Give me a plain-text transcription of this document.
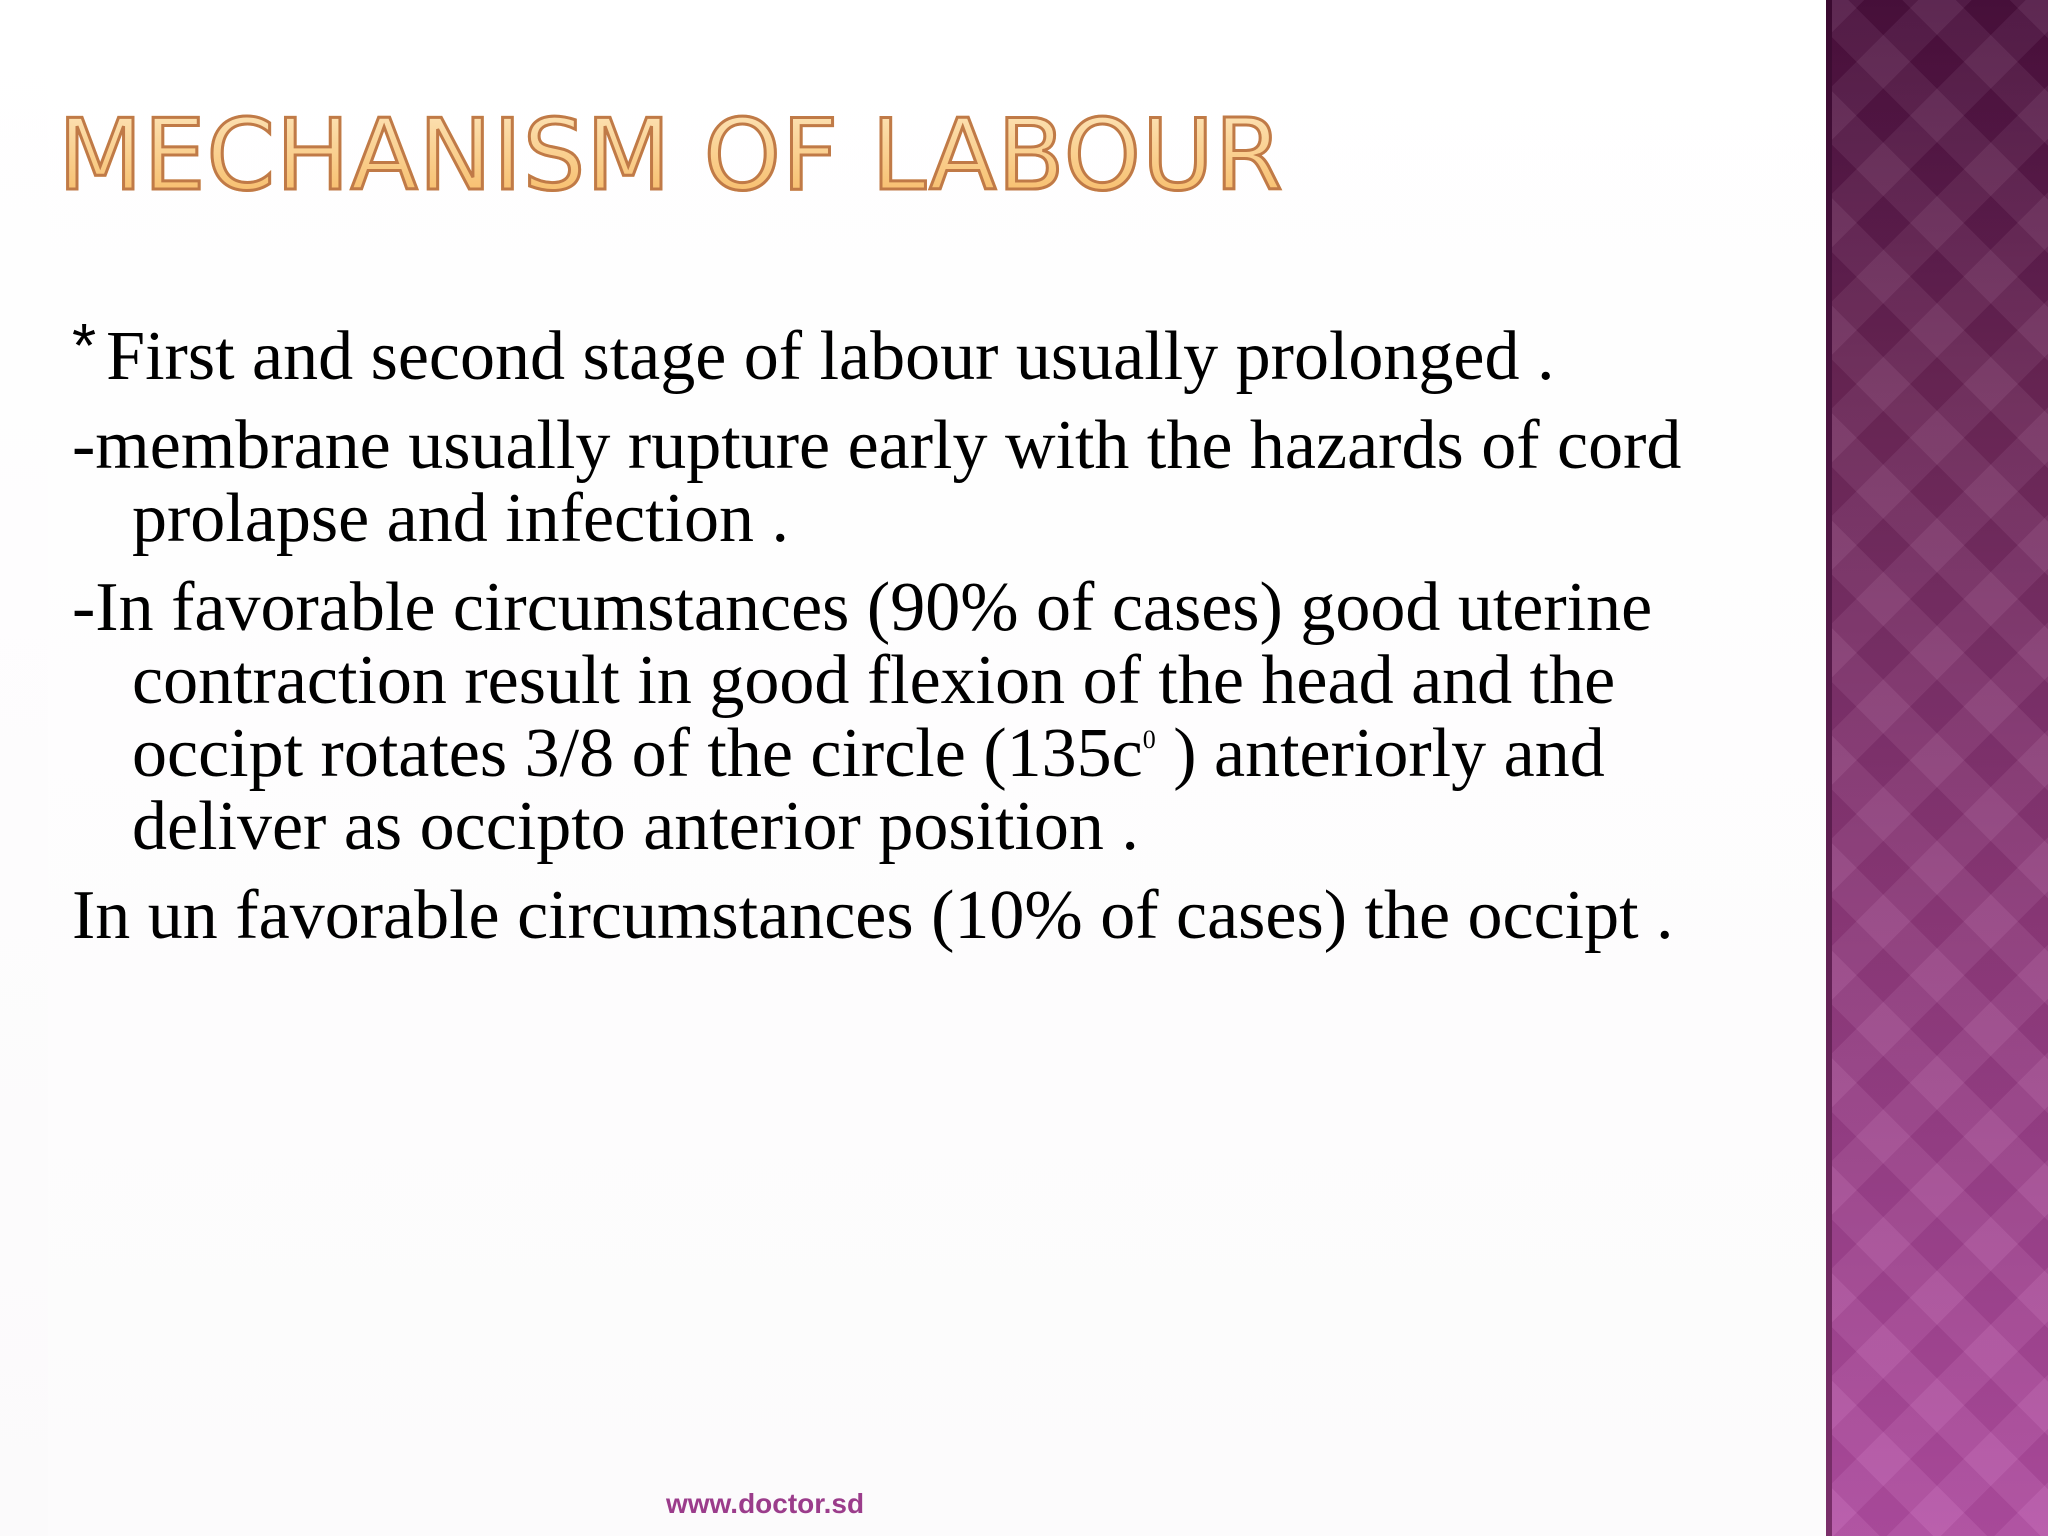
MECHANISM OF LABOUR

* First and second stage of labour usually prolonged .

-membrane usually rupture early with the hazards of cord prolapse and infection .

-In favorable circumstances (90% of cases) good uterine contraction result in good flexion of the head and the occipt rotates 3/8 of the circle ($135c^0$ ) anteriorly and deliver as occipto anterior position .

In un favorable circumstances (10% of cases) the occipt .

www.doctor.sd
